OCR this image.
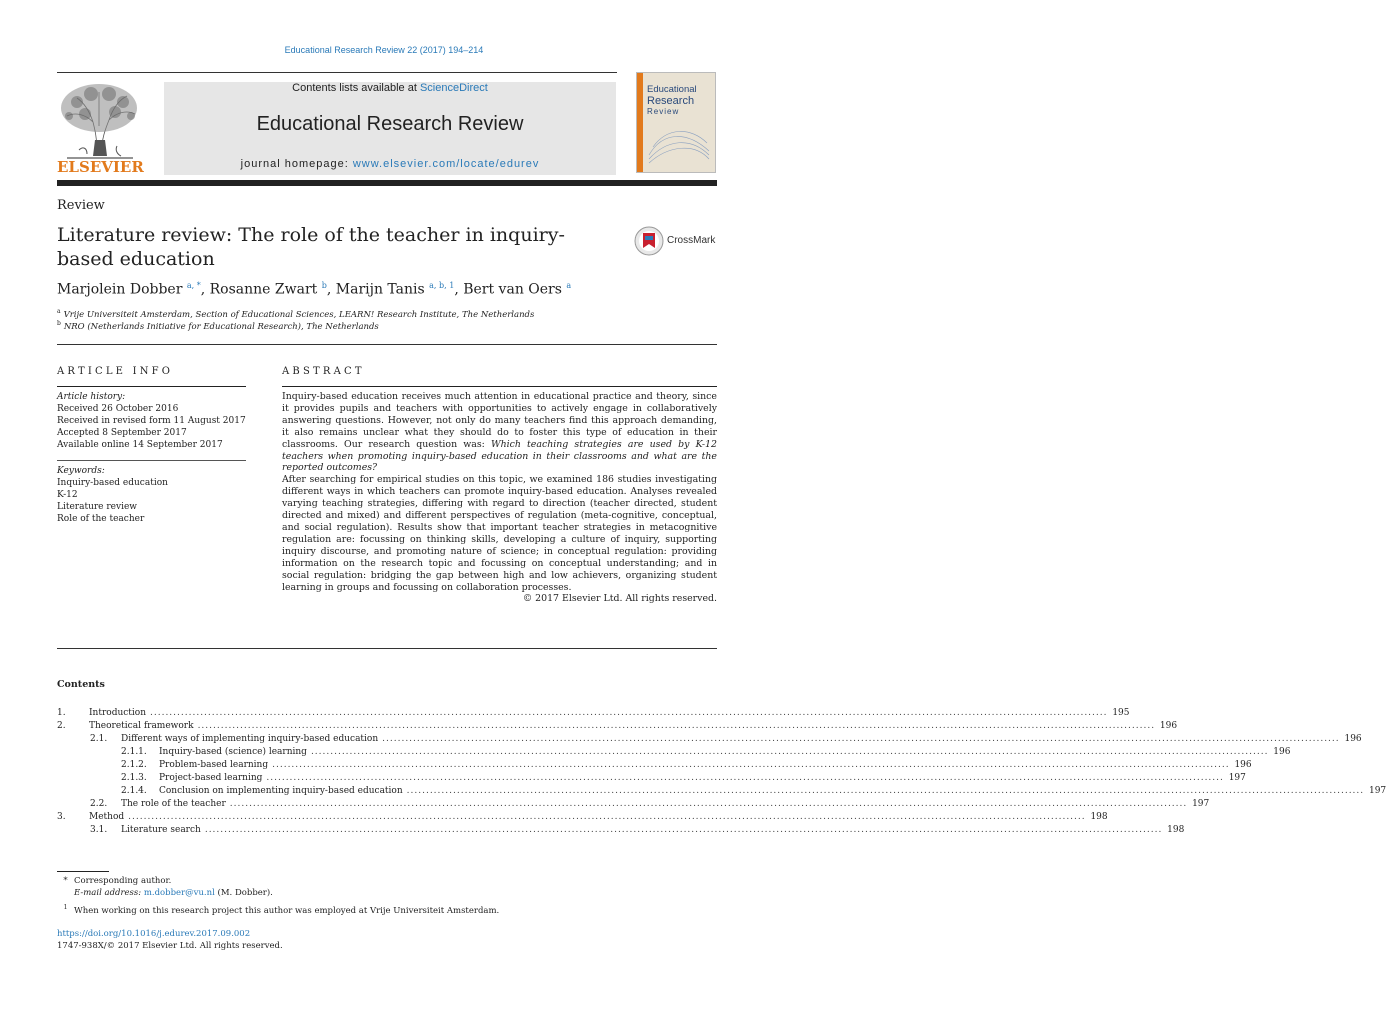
Educational Research Review 22 (2017) 194–214
ELSEVIER
Contents lists available at ScienceDirect
Educational Research Review
journal homepage: www.elsevier.com/locate/edurev
Educational
Research
Review
Review
Literature review: The role of the teacher in inquiry-based education
CrossMark
Marjolein Dobber $^{a, *}$, Rosanne Zwart $^b$, Marijn Tanis $^{a, b, 1}$, Bert van Oers $^a$
$^a$ Vrije Universiteit Amsterdam, Section of Educational Sciences, LEARN! Research Institute, The Netherlands
$^b$ NRO (Netherlands Initiative for Educational Research), The Netherlands
ARTICLE INFO
Article history:
Received 26 October 2016
Received in revised form 11 August 2017
Accepted 8 September 2017
Available online 14 September 2017
Keywords:
Inquiry-based education
K-12
Literature review
Role of the teacher
ABSTRACT

Inquiry-based education receives much attention in educational practice and theory, since it provides pupils and teachers with opportunities to actively engage in collaboratively answering questions. However, not only do many teachers find this approach demanding, it also remains unclear what they should do to foster this type of education in their classrooms. Our research question was: Which teaching strategies are used by K-12 teachers when promoting inquiry-based education in their classrooms and what are the reported outcomes?

After searching for empirical studies on this topic, we examined 186 studies investigating different ways in which teachers can promote inquiry-based education. Analyses revealed varying teaching strategies, differing with regard to direction (teacher directed, student directed and mixed) and different perspectives of regulation (meta-cognitive, conceptual, and social regulation). Results show that important teacher strategies in metacognitive regulation are: focussing on thinking skills, developing a culture of inquiry, supporting inquiry discourse, and promoting nature of science; in conceptual regulation: providing information on the research topic and focussing on conceptual understanding; and in social regulation: bridging the gap between high and low achievers, organizing student learning in groups and focussing on collaboration processes.

© 2017 Elsevier Ltd. All rights reserved.

Contents
1.	Introduction ........................................................................................................................................................................................................................................................ 195
2.	Theoretical framework ........................................................................................................................................................................................................................................................ 196
2.1.	Different ways of implementing inquiry-based education ........................................................................................................................................................................................................................................................ 196
2.1.1.	Inquiry-based (science) learning ........................................................................................................................................................................................................................................................ 196
2.1.2.	Problem-based learning ........................................................................................................................................................................................................................................................ 196
2.1.3.	Project-based learning ........................................................................................................................................................................................................................................................ 197
2.1.4.	Conclusion on implementing inquiry-based education ........................................................................................................................................................................................................................................................ 197
2.2.	The role of the teacher ........................................................................................................................................................................................................................................................ 197
3.	Method ........................................................................................................................................................................................................................................................ 198
3.1.	Literature search ........................................................................................................................................................................................................................................................ 198
* Corresponding author.
E-mail address: m.dobber@vu.nl (M. Dobber).
$^1$ When working on this research project this author was employed at Vrije Universiteit Amsterdam.
https://doi.org/10.1016/j.edurev.2017.09.002
1747-938X/© 2017 Elsevier Ltd. All rights reserved.
